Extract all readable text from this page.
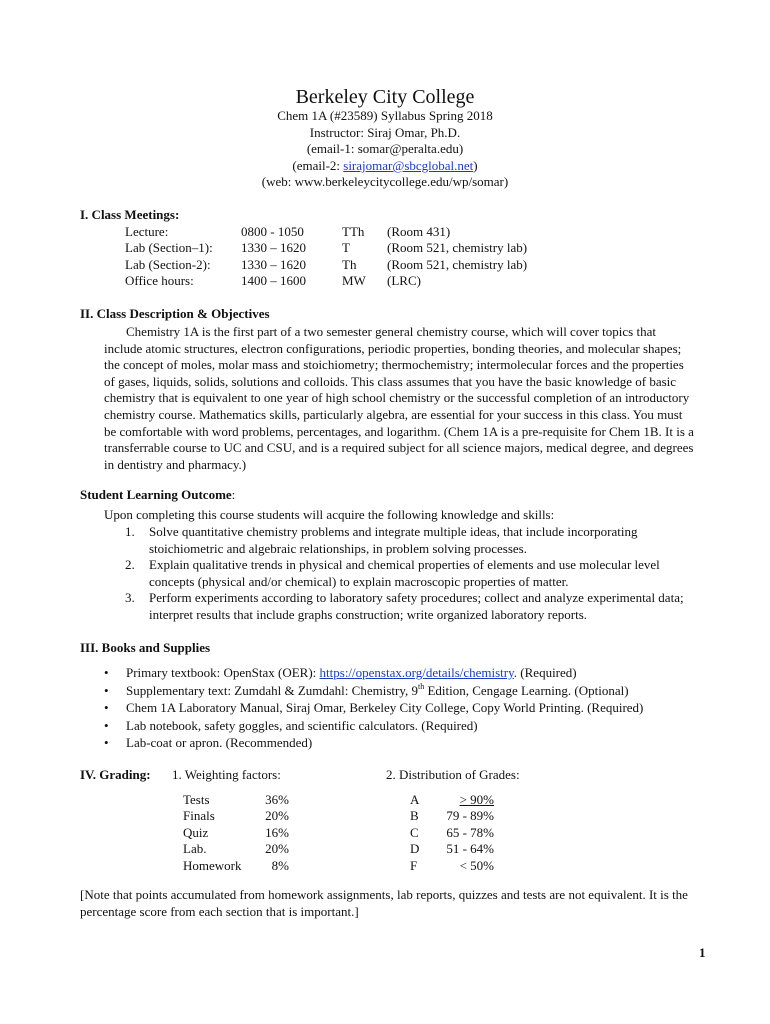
Berkeley City College
Chem 1A (#23589) Syllabus Spring 2018
Instructor: Siraj Omar, Ph.D.
(email-1: somar@peralta.edu)
(email-2: sirajomar@sbcglobal.net)
(web: www.berkeleycitycollege.edu/wp/somar)
I. Class Meetings:
Lecture:	0800 - 1050	TTh (Room 431)
Lab (Section–1): 1330 – 1620	T	(Room 521, chemistry lab)
Lab (Section-2): 1330 – 1620	Th (Room 521, chemistry lab)
Office hours:	1400 – 1600	MW (LRC)
II. Class Description & Objectives
Chemistry 1A is the first part of a two semester general chemistry course, which will cover topics that include atomic structures, electron configurations, periodic properties, bonding theories, and molecular shapes; the concept of moles, molar mass and stoichiometry; thermochemistry; intermolecular forces and the properties of gases, liquids, solids, solutions and colloids. This class assumes that you have the basic knowledge of basic chemistry that is equivalent to one year of high school chemistry or the successful completion of an introductory chemistry course. Mathematics skills, particularly algebra, are essential for your success in this class. You must be comfortable with word problems, percentages, and logarithm. (Chem 1A is a pre-requisite for Chem 1B. It is a transferrable course to UC and CSU, and is a required subject for all science majors, medical degree, and degrees in dentistry and pharmacy.)
Student Learning Outcome:
Upon completing this course students will acquire the following knowledge and skills:
1. Solve quantitative chemistry problems and integrate multiple ideas, that include incorporating stoichiometric and algebraic relationships, in problem solving processes.
2. Explain qualitative trends in physical and chemical properties of elements and use molecular level concepts (physical and/or chemical) to explain macroscopic properties of matter.
3. Perform experiments according to laboratory safety procedures; collect and analyze experimental data; interpret results that include graphs construction; write organized laboratory reports.
III. Books and Supplies
• Primary textbook: OpenStax (OER): https://openstax.org/details/chemistry. (Required)
• Supplementary text: Zumdahl & Zumdahl: Chemistry, 9th Edition, Cengage Learning. (Optional)
• Chem 1A Laboratory Manual, Siraj Omar, Berkeley City College, Copy World Printing. (Required)
• Lab notebook, safety goggles, and scientific calculators. (Required)
• Lab-coat or apron. (Recommended)
IV. Grading: 1. Weighting factors:	2. Distribution of Grades:
Tests	36%
Finals	20%
Quiz	16%
Lab.	20%
Homework	8%
A	> 90%
B	79 - 89%
C	65 - 78%
D	51 - 64%
F	< 50%
[Note that points accumulated from homework assignments, lab reports, quizzes and tests are not equivalent. It is the percentage score from each section that is important.]
1
